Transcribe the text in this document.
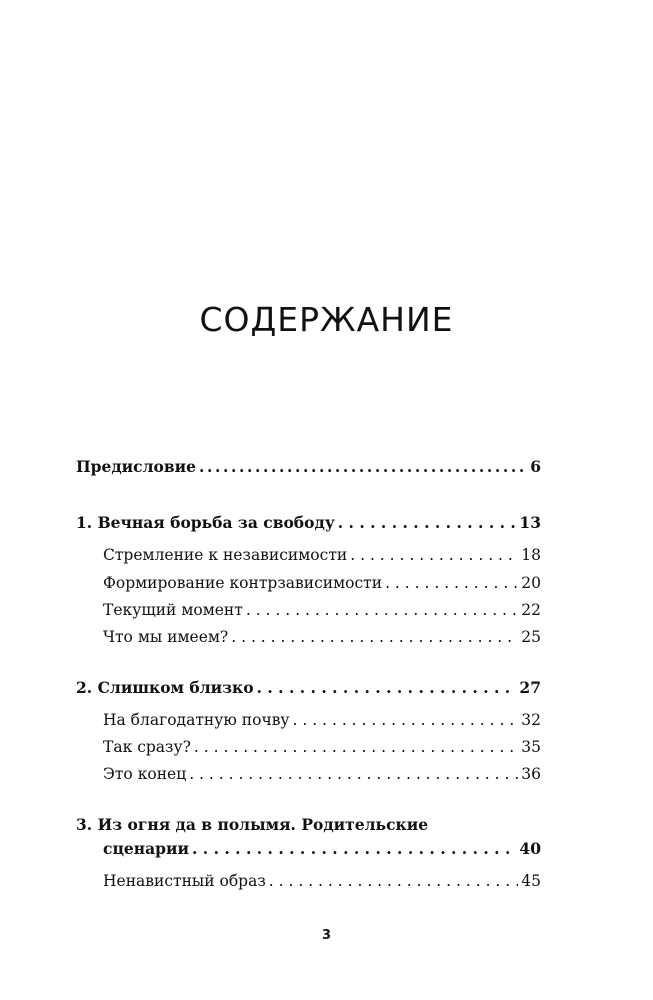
СОДЕРЖАНИЕ
Предисловие .....	6
1. Вечная борьба за свободу . . .	13
Стремление к независимости . . .	18
Формирование контрзависимости . . .	20
Текущий момент . . .	22
Что мы имеем? . . .	25
2. Слишком близко . . .	27
На благодатную почву . . .	32
Так сразу? . . .	35
Это конец . . .	36
3. Из огня да в полымя. Родительские
сценарии . . .	40
Ненавистный образ . . .	45
3
